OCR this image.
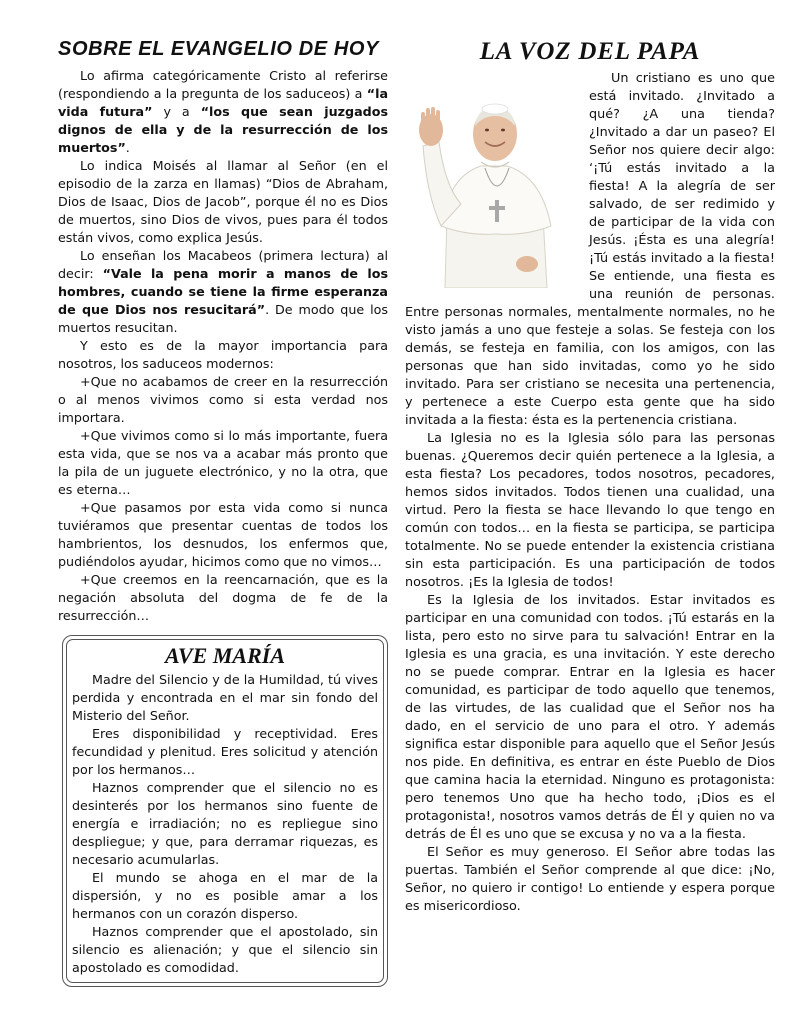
SOBRE EL EVANGELIO DE HOY

Lo afirma categóricamente Cristo al referirse (respondiendo a la pregunta de los saduceos) a “la vida futura” y a “los que sean juzgados dignos de ella y de la resurrección de los muertos”.

Lo indica Moisés al llamar al Señor (en el episodio de la zarza en llamas) “Dios de Abraham, Dios de Isaac, Dios de Jacob”, porque él no es Dios de muertos, sino Dios de vivos, pues para él todos están vivos, como explica Jesús.

Lo enseñan los Macabeos (primera lectura) al decir: “Vale la pena morir a manos de los hombres, cuando se tiene la firme esperanza de que Dios nos resucitará”. De modo que los muertos resucitan.

Y esto es de la mayor importancia para nosotros, los saduceos modernos:

+Que no acabamos de creer en la resurrección o al menos vivimos como si esta verdad nos importara.

+Que vivimos como si lo más importante, fuera esta vida, que se nos va a acabar más pronto que la pila de un juguete electrónico, y no la otra, que es eterna…

+Que pasamos por esta vida como si nunca tuviéramos que presentar cuentas de todos los hambrientos, los desnudos, los enfermos que, pudiéndolos ayudar, hicimos como que no vimos…

+Que creemos en la reencarnación, que es la negación absoluta del dogma de fe de la resurrección…

AVE MARÍA

Madre del Silencio y de la Humildad, tú vives perdida y encontrada en el mar sin fondo del Misterio del Señor.

Eres disponibilidad y receptividad. Eres fecundidad y plenitud. Eres solicitud y atención por los hermanos…

Haznos comprender que el silencio no es desinterés por los hermanos sino fuente de energía e irradiación; no es repliegue sino despliegue; y que, para derramar riquezas, es necesario acumularlas.

El mundo se ahoga en el mar de la dispersión, y no es posible amar a los hermanos con un corazón disperso.

Haznos comprender que el apostolado, sin silencio es alienación; y que el silencio sin apostolado es comodidad.

LA VOZ DEL PAPA

Un cristiano es uno que está invitado. ¿Invitado a qué? ¿A una tienda? ¿Invitado a dar un paseo? El Señor nos quiere decir algo: ‘¡Tú estás invitado a la fiesta! A la alegría de ser salvado, de ser redimido y de participar de la vida con Jesús. ¡Ésta es una alegría! ¡Tú estás invitado a la fiesta! Se entiende, una fiesta es una reunión de personas. Entre personas normales, mentalmente normales, no he visto jamás a uno que festeje a solas. Se festeja con los demás, se festeja en familia, con los amigos, con las personas que han sido invitadas, como yo he sido invitado. Para ser cristiano se necesita una pertenencia, y pertenece a este Cuerpo esta gente que ha sido invitada a la fiesta: ésta es la pertenencia cristiana.

La Iglesia no es la Iglesia sólo para las personas buenas. ¿Queremos decir quién pertenece a la Iglesia, a esta fiesta? Los pecadores, todos nosotros, pecadores, hemos sidos invitados. Todos tienen una cualidad, una virtud. Pero la fiesta se hace llevando lo que tengo en común con todos… en la fiesta se participa, se participa totalmente. No se puede entender la existencia cristiana sin esta participación. Es una participación de todos nosotros. ¡Es la Iglesia de todos!

Es la Iglesia de los invitados. Estar invitados es participar en una comunidad con todos. ¡Tú estarás en la lista, pero esto no sirve para tu salvación! Entrar en la Iglesia es una gracia, es una invitación. Y este derecho no se puede comprar. Entrar en la Iglesia es hacer comunidad, es participar de todo aquello que tenemos, de las virtudes, de las cualidad que el Señor nos ha dado, en el servicio de uno para el otro. Y además significa estar disponible para aquello que el Señor Jesús nos pide. En definitiva, es entrar en éste Pueblo de Dios que camina hacia la eternidad. Ninguno es protagonista: pero tenemos Uno que ha hecho todo, ¡Dios es el protagonista!, nosotros vamos detrás de Él y quien no va detrás de Él es uno que se excusa y no va a la fiesta.

El Señor es muy generoso. El Señor abre todas las puertas. También el Señor comprende al que dice: ¡No, Señor, no quiero ir contigo! Lo entiende y espera porque es misericordioso.
